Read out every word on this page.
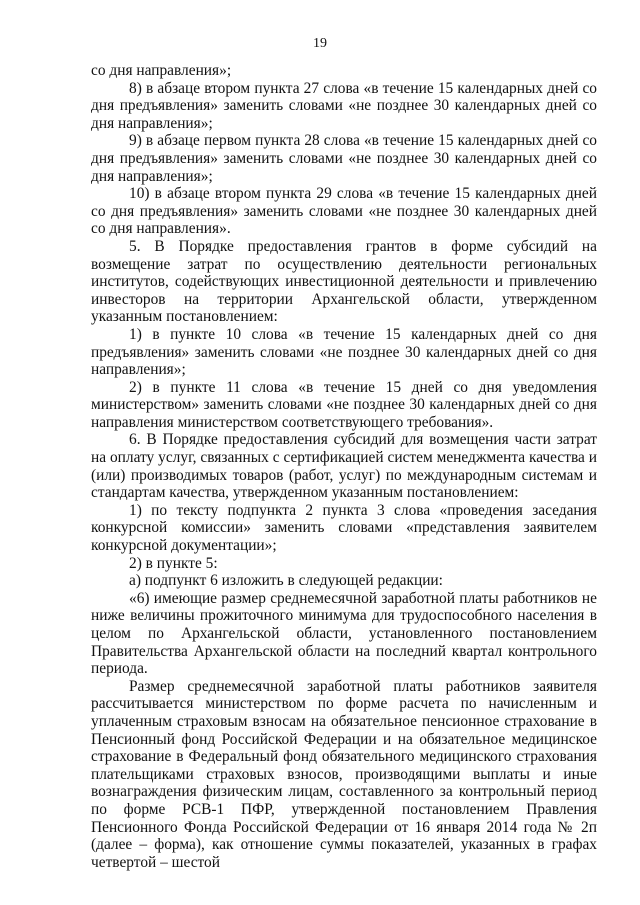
19

со дня направления»;

8) в абзаце втором пункта 27 слова «в течение 15 календарных дней со дня предъявления» заменить словами «не позднее 30 календарных дней со дня направления»;

9) в абзаце первом пункта 28 слова «в течение 15 календарных дней со дня предъявления» заменить словами «не позднее 30 календарных дней со дня направления»;

10) в абзаце втором пункта 29 слова «в течение 15 календарных дней со дня предъявления» заменить словами «не позднее 30 календарных дней со дня направления».

5. В Порядке предоставления грантов в форме субсидий на возмещение затрат по осуществлению деятельности региональных институтов, содействующих инвестиционной деятельности и привлечению инвесторов на территории Архангельской области, утвержденном указанным постановлением:

1) в пункте 10 слова «в течение 15 календарных дней со дня предъявления» заменить словами «не позднее 30 календарных дней со дня направления»;

2) в пункте 11 слова «в течение 15 дней со дня уведомления министерством» заменить словами «не позднее 30 календарных дней со дня направления министерством соответствующего требования».

6. В Порядке предоставления субсидий для возмещения части затрат на оплату услуг, связанных с сертификацией систем менеджмента качества и (или) производимых товаров (работ, услуг) по международным системам и стандартам качества, утвержденном указанным постановлением:

1) по тексту подпункта 2 пункта 3 слова «проведения заседания конкурсной комиссии» заменить словами «представления заявителем конкурсной документации»;

2) в пункте 5:

а) подпункт 6 изложить в следующей редакции:

«6) имеющие размер среднемесячной заработной платы работников не ниже величины прожиточного минимума для трудоспособного населения в целом по Архангельской области, установленного постановлением Правительства Архангельской области на последний квартал контрольного периода.

Размер среднемесячной заработной платы работников заявителя рассчитывается министерством по форме расчета по начисленным и уплаченным страховым взносам на обязательное пенсионное страхование в Пенсионный фонд Российской Федерации и на обязательное медицинское страхование в Федеральный фонд обязательного медицинского страхования плательщиками страховых взносов, производящими выплаты и иные вознаграждения физическим лицам, составленного за контрольный период по форме РСВ-1 ПФР, утвержденной постановлением Правления Пенсионного Фонда Российской Федерации от 16 января 2014 года № 2п (далее – форма), как отношение суммы показателей, указанных в графах четвертой – шестой
